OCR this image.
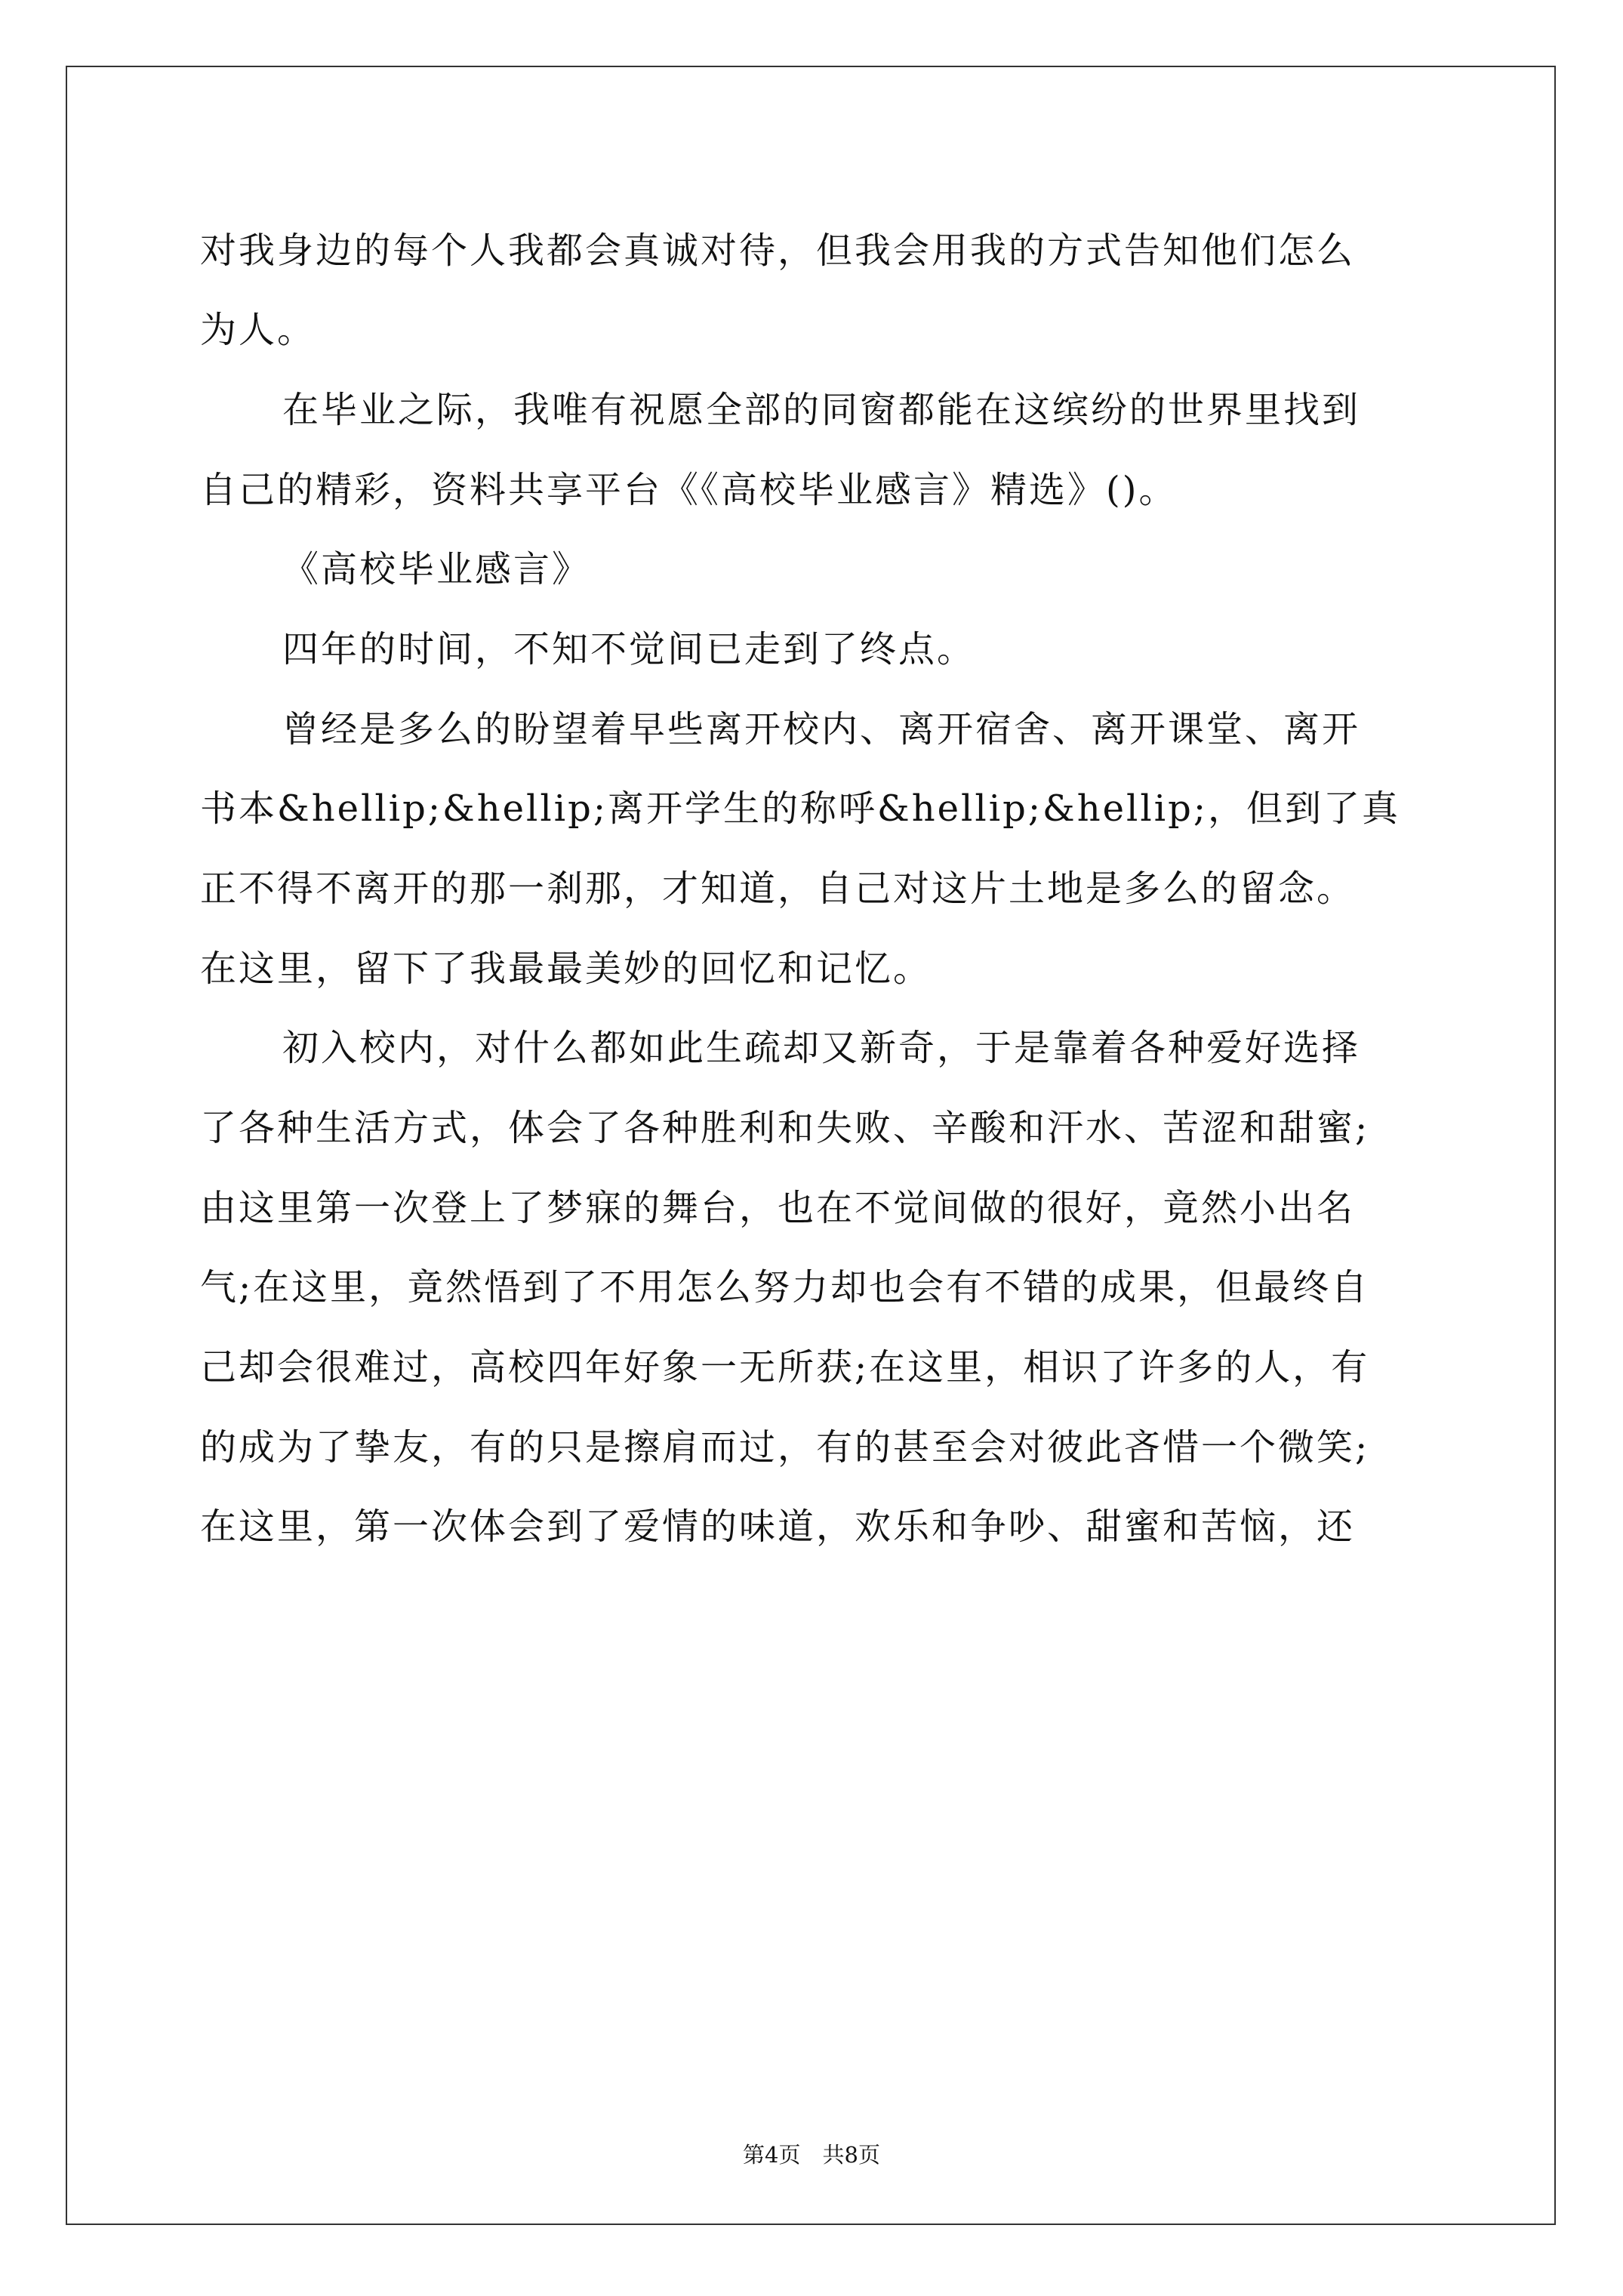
对我身边的每个人我都会真诚对待，但我会用我的方式告知他们怎么
为人。
在毕业之际，我唯有祝愿全部的同窗都能在这缤纷的世界里找到
自己的精彩，资料共享平台《《高校毕业感言》精选》()。
《高校毕业感言》
四年的时间，不知不觉间已走到了终点。
曾经是多么的盼望着早些离开校内、离开宿舍、离开课堂、离开
书本&hellip;&hellip;离开学生的称呼&hellip;&hellip;，但到了真
正不得不离开的那一刹那，才知道，自己对这片土地是多么的留念。
在这里，留下了我最最美妙的回忆和记忆。
初入校内，对什么都如此生疏却又新奇，于是靠着各种爱好选择
了各种生活方式，体会了各种胜利和失败、辛酸和汗水、苦涩和甜蜜;
由这里第一次登上了梦寐的舞台，也在不觉间做的很好，竟然小出名
气;在这里，竟然悟到了不用怎么努力却也会有不错的成果，但最终自
己却会很难过，高校四年好象一无所获;在这里，相识了许多的人，有
的成为了挚友，有的只是擦肩而过，有的甚至会对彼此吝惜一个微笑;
在这里，第一次体会到了爱情的味道，欢乐和争吵、甜蜜和苦恼，还
第4页　共8页
